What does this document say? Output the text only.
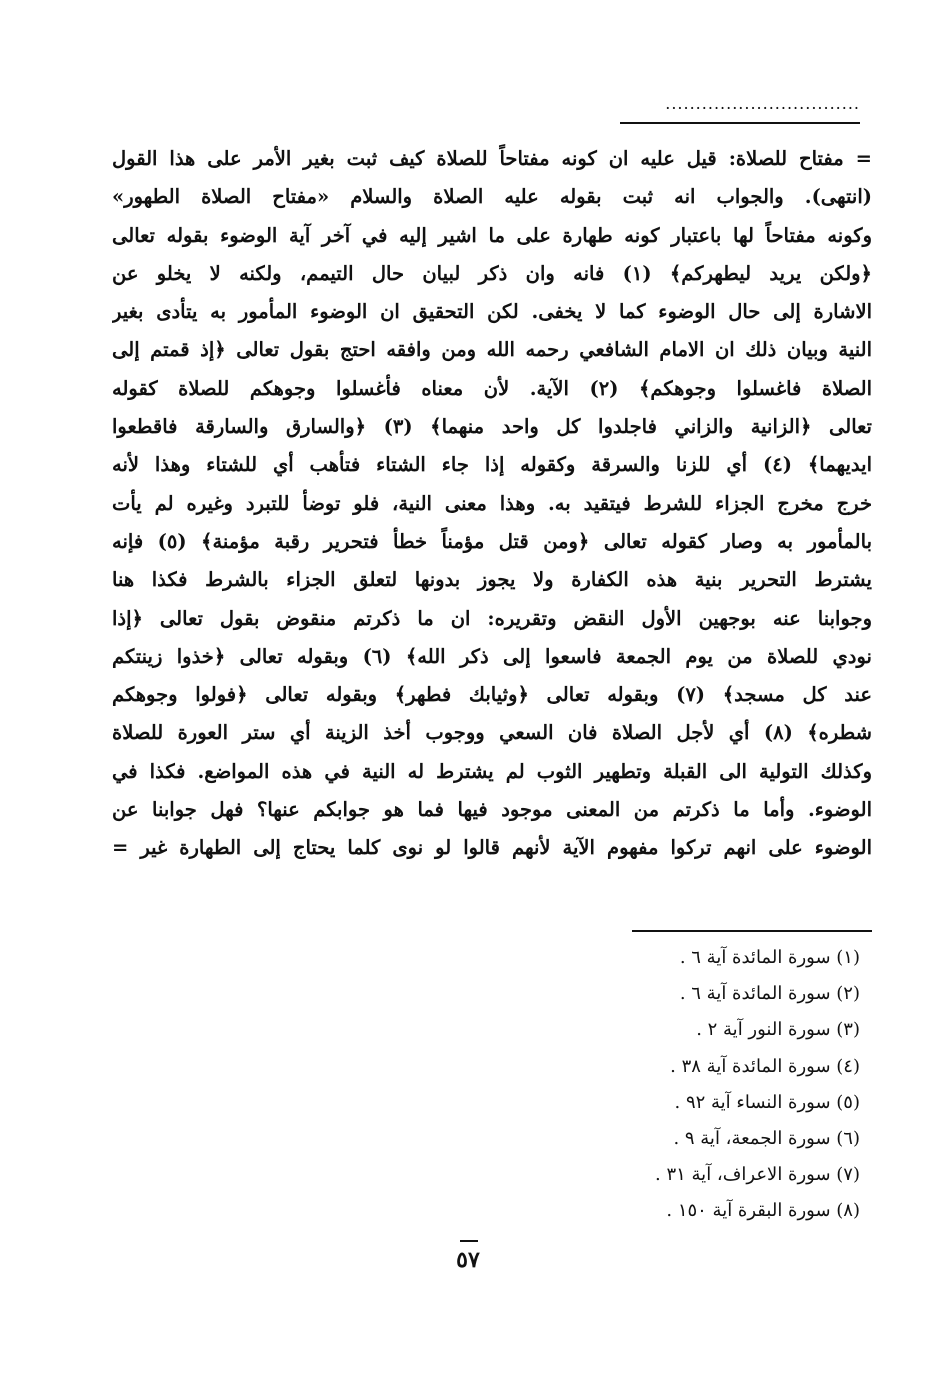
................................
= مفتاح للصلاة: قيل عليه ان كونه مفتاحاً للصلاة كيف ثبت بغير الأمر على هذا القول
(انتهى). والجواب انه ثبت بقوله عليه الصلاة والسلام «مفتاح الصلاة الطهور»
وكونه مفتاحاً لها باعتبار كونه طهارة على ما اشير إليه في آخر آية الوضوء بقوله تعالى
﴿ولكن يريد ليطهركم﴾ (١) فانه وان ذكر لبيان حال التيمم، ولكنه لا يخلو عن
الاشارة إلى حال الوضوء كما لا يخفى. لكن التحقيق ان الوضوء المأمور به يتأدى بغير
النية وبيان ذلك ان الامام الشافعي رحمه الله ومن وافقه احتج بقول تعالى ﴿إذ قمتم إلى
الصلاة فاغسلوا وجوهكم﴾ (٢) الآية. لأن معناه فأغسلوا وجوهكم للصلاة كقوله
تعالى ﴿الزانية والزاني فاجلدوا كل واحد منهما﴾ (٣) ﴿والسارق والسارقة فاقطعوا
ايديهما﴾ (٤) أي للزنا والسرقة وكقوله إذا جاء الشتاء فتأهب أي للشتاء وهذا لأنه
خرج مخرج الجزاء للشرط فيتقيد به. وهذا معنى النية، فلو توضأ للتبرد وغيره لم يأت
بالمأمور به وصار كقوله تعالى ﴿ومن قتل مؤمناً خطأ فتحرير رقبة مؤمنة﴾ (٥) فإنه
يشترط التحرير بنية هذه الكفارة ولا يجوز بدونها لتعلق الجزاء بالشرط فكذا هنا
وجوابنا عنه بوجهين الأول النقض وتقريره: ان ما ذكرتم منقوض بقول تعالى ﴿إذا
نودي للصلاة من يوم الجمعة فاسعوا إلى ذكر الله﴾ (٦) وبقوله تعالى ﴿خذوا زينتكم
عند كل مسجد﴾ (٧) وبقوله تعالى ﴿وثيابك فطهر﴾ وبقوله تعالى ﴿فولوا وجوهكم
شطره﴾ (٨) أي لأجل الصلاة فان السعي ووجوب أخذ الزينة أي ستر العورة للصلاة
وكذلك التولية الى القبلة وتطهير الثوب لم يشترط له النية في هذه المواضع. فكذا في
الوضوء. وأما ما ذكرتم من المعنى موجود فيها فما هو جوابكم عنها؟ فهل جوابنا عن
الوضوء على انهم تركوا مفهوم الآية لأنهم قالوا لو نوى كلما يحتاج إلى الطهارة غير =
(١) سورة المائدة آية ٦ .
(٢) سورة المائدة آية ٦ .
(٣) سورة النور آية ٢ .
(٤) سورة المائدة آية ٣٨ .
(٥) سورة النساء آية ٩٢ .
(٦) سورة الجمعة، آية ٩ .
(٧) سورة الاعراف، آية ٣١ .
(٨) سورة البقرة آية ١٥٠ .
٥٧
